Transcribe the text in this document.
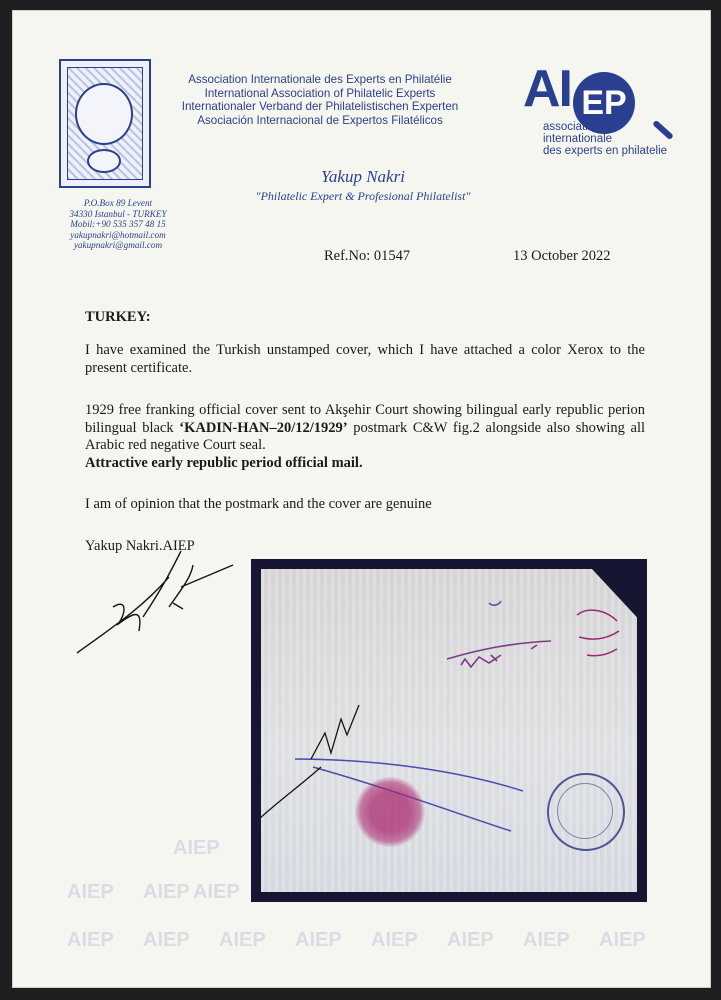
Association Internationale des Experts en Philatélie
International Association of Philatelic Experts
Internationaler Verband der Philatelistischen Experten
Asociación Internacional de Expertos Filatélicos
AI EP
association
internationale
des experts en philatelie
P.O.Box 89 Levent
34330 Istanbul - TURKEY
Mobil:+90 535 357 48 15
yakupnakri@hotmail.com
yakupnakri@gmail.com
Yakup Nakri
"Philatelic Expert & Profesional Philatelist"
Ref.No: 01547	13 October 2022
TURKEY:
I have examined the Turkish unstamped cover, which I have attached a color Xerox to the present certificate.
1929 free franking official cover sent to Akşehir Court showing bilingual early republic perion bilingual black ‘KADIN-HAN–20/12/1929’ postmark C&W fig.2 alongside also showing all Arabic red negative Court seal.
Attractive early republic period official mail.
I am of opinion that the postmark and the cover are genuine
Yakup Nakri.AIEP
AIEP AIEP AIEP AIEP AIEP AIEP AIEP AIEP
AIEP AIEP AIEP
AIEP
